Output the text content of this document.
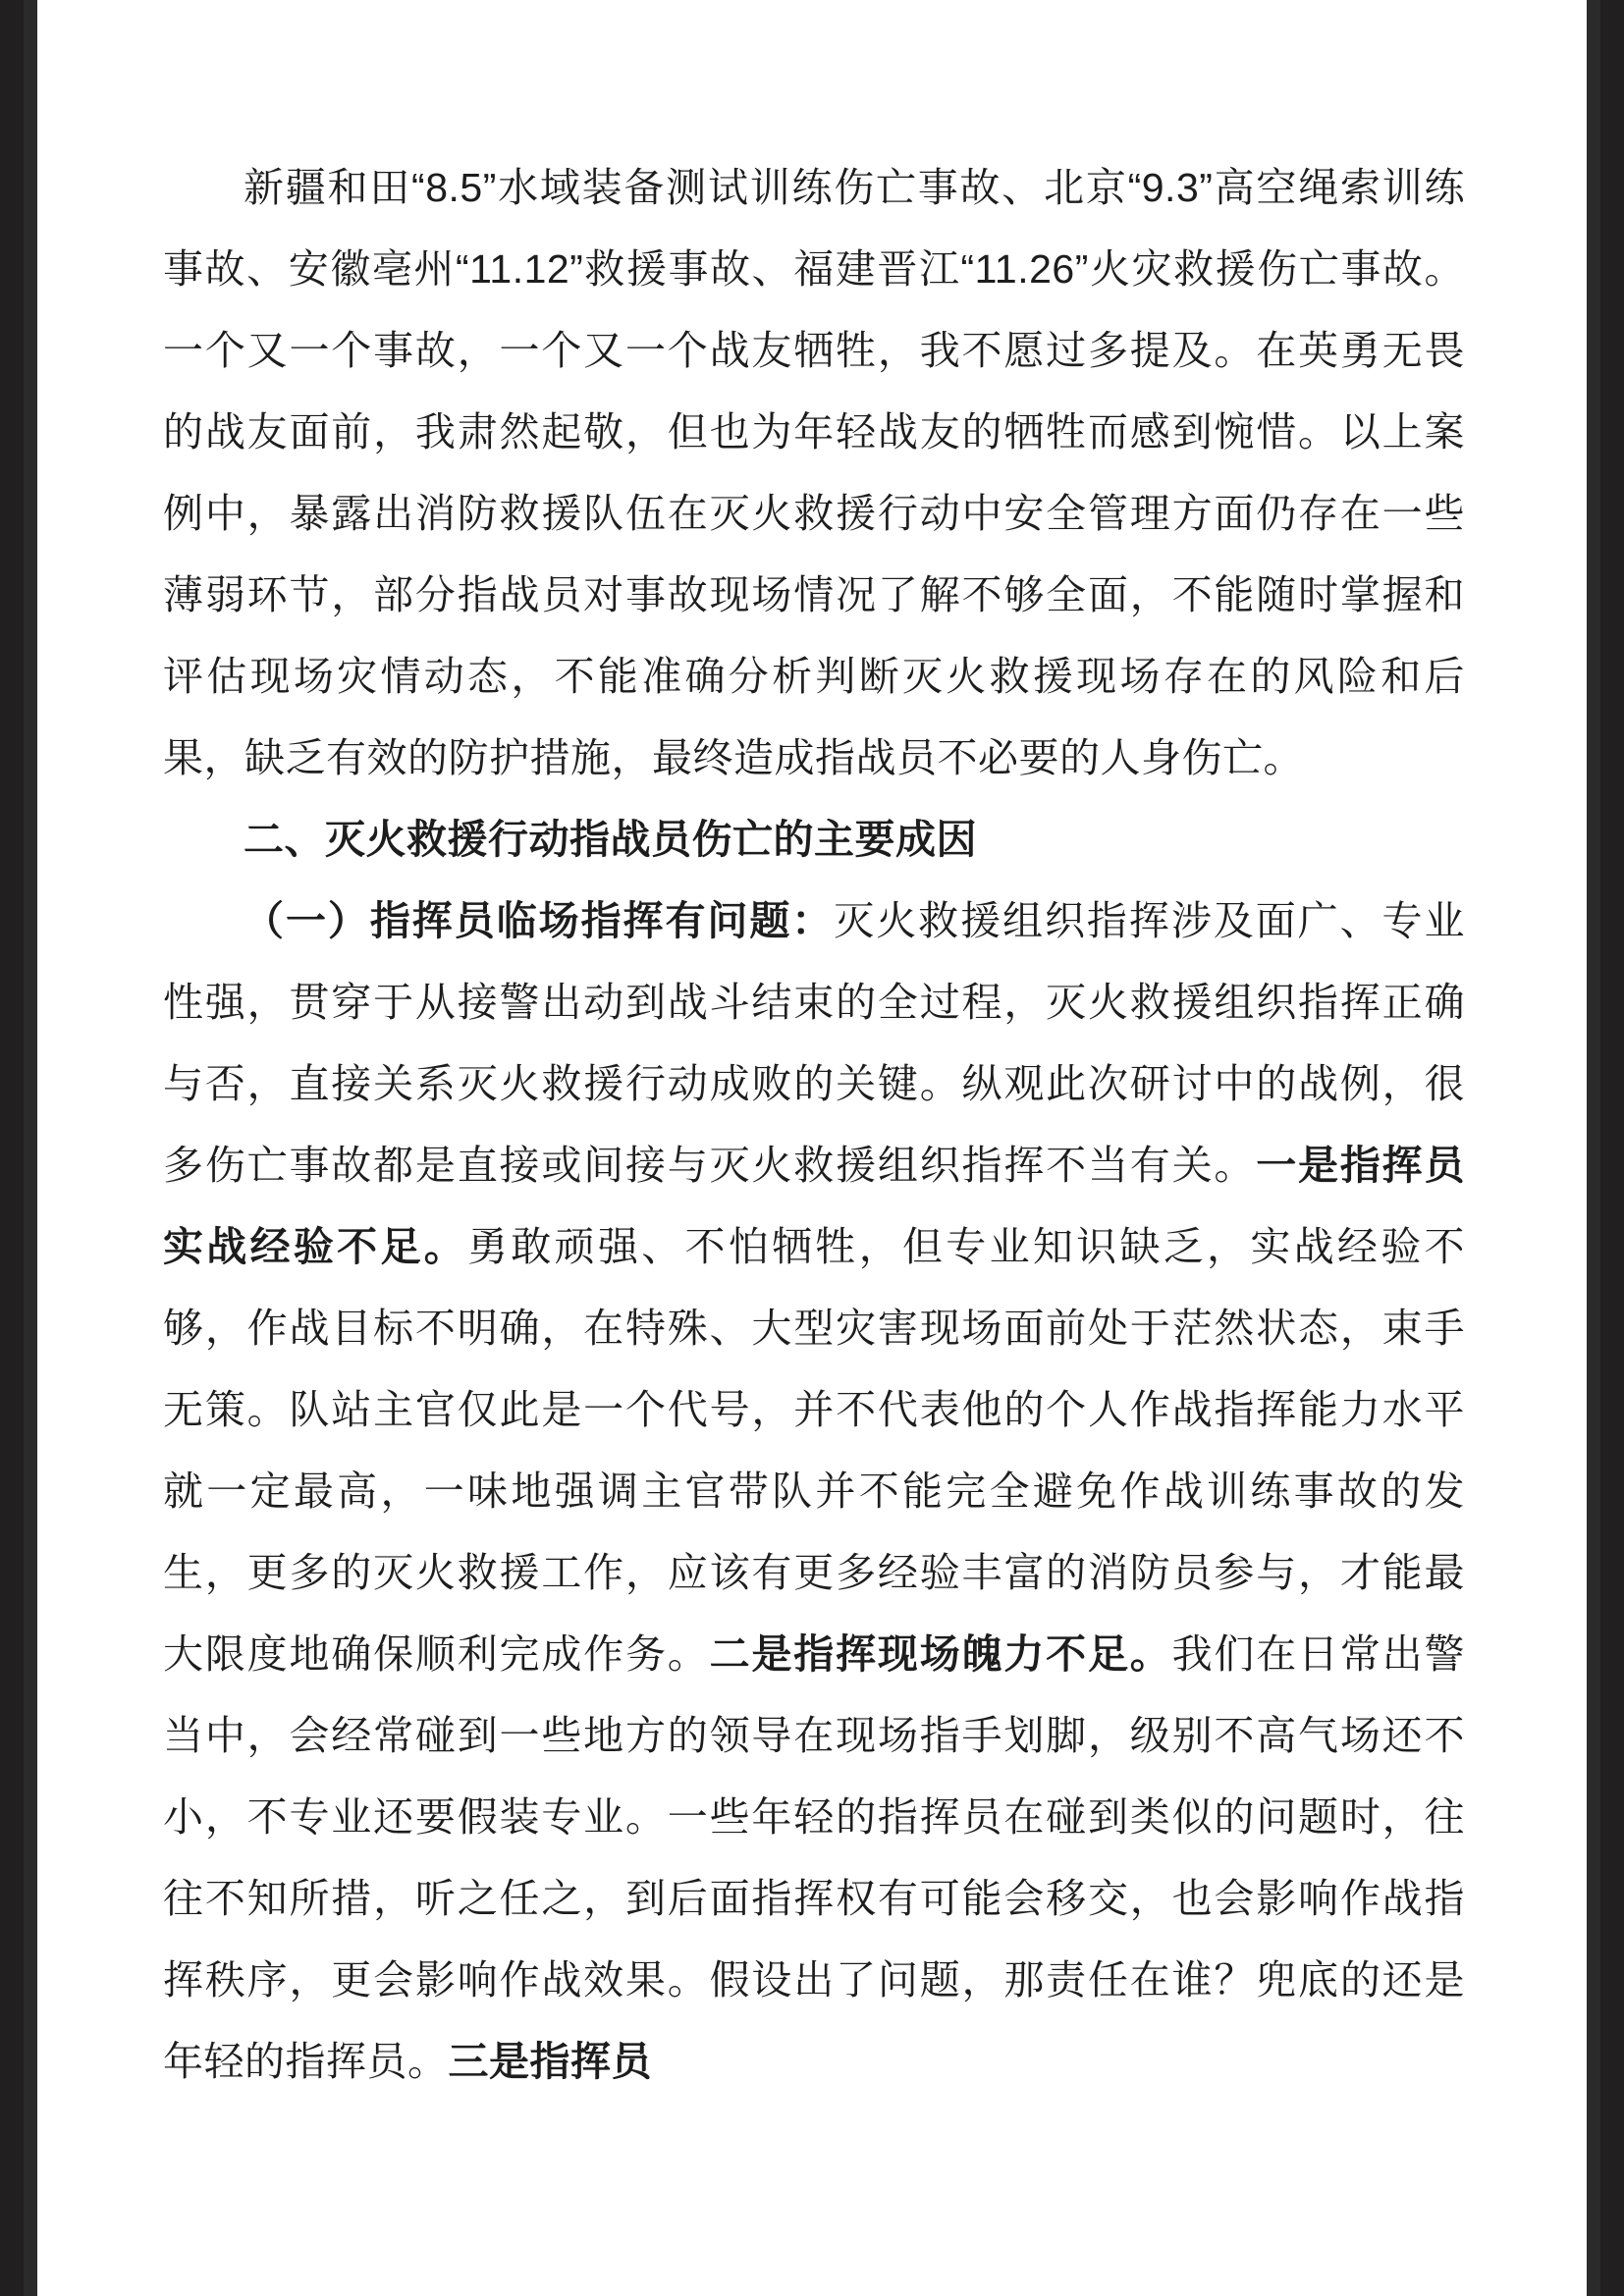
新疆和田“8.5”水域装备测试训练伤亡事故、北京“9.3”高空绳索训练事故、安徽亳州“11.12”救援事故、福建晋江“11.26”火灾救援伤亡事故。一个又一个事故，一个又一个战友牺牲，我不愿过多提及。在英勇无畏的战友面前，我肃然起敬，但也为年轻战友的牺牲而感到惋惜。以上案例中，暴露出消防救援队伍在灭火救援行动中安全管理方面仍存在一些薄弱环节，部分指战员对事故现场情况了解不够全面，不能随时掌握和评估现场灾情动态，不能准确分析判断灭火救援现场存在的风险和后果，缺乏有效的防护措施，最终造成指战员不必要的人身伤亡。

二、灭火救援行动指战员伤亡的主要成因

（一）指挥员临场指挥有问题：灭火救援组织指挥涉及面广、专业性强，贯穿于从接警出动到战斗结束的全过程，灭火救援组织指挥正确与否，直接关系灭火救援行动成败的关键。纵观此次研讨中的战例，很多伤亡事故都是直接或间接与灭火救援组织指挥不当有关。一是指挥员实战经验不足。勇敢顽强、不怕牺牲，但专业知识缺乏，实战经验不够，作战目标不明确，在特殊、大型灾害现场面前处于茫然状态，束手无策。队站主官仅此是一个代号，并不代表他的个人作战指挥能力水平就一定最高，一味地强调主官带队并不能完全避免作战训练事故的发生，更多的灭火救援工作，应该有更多经验丰富的消防员参与，才能最大限度地确保顺利完成作务。二是指挥现场魄力不足。我们在日常出警当中，会经常碰到一些地方的领导在现场指手划脚，级别不高气场还不小，不专业还要假装专业。一些年轻的指挥员在碰到类似的问题时，往往不知所措，听之任之，到后面指挥权有可能会移交，也会影响作战指挥秩序，更会影响作战效果。假设出了问题，那责任在谁？兜底的还是年轻的指挥员。三是指挥员
